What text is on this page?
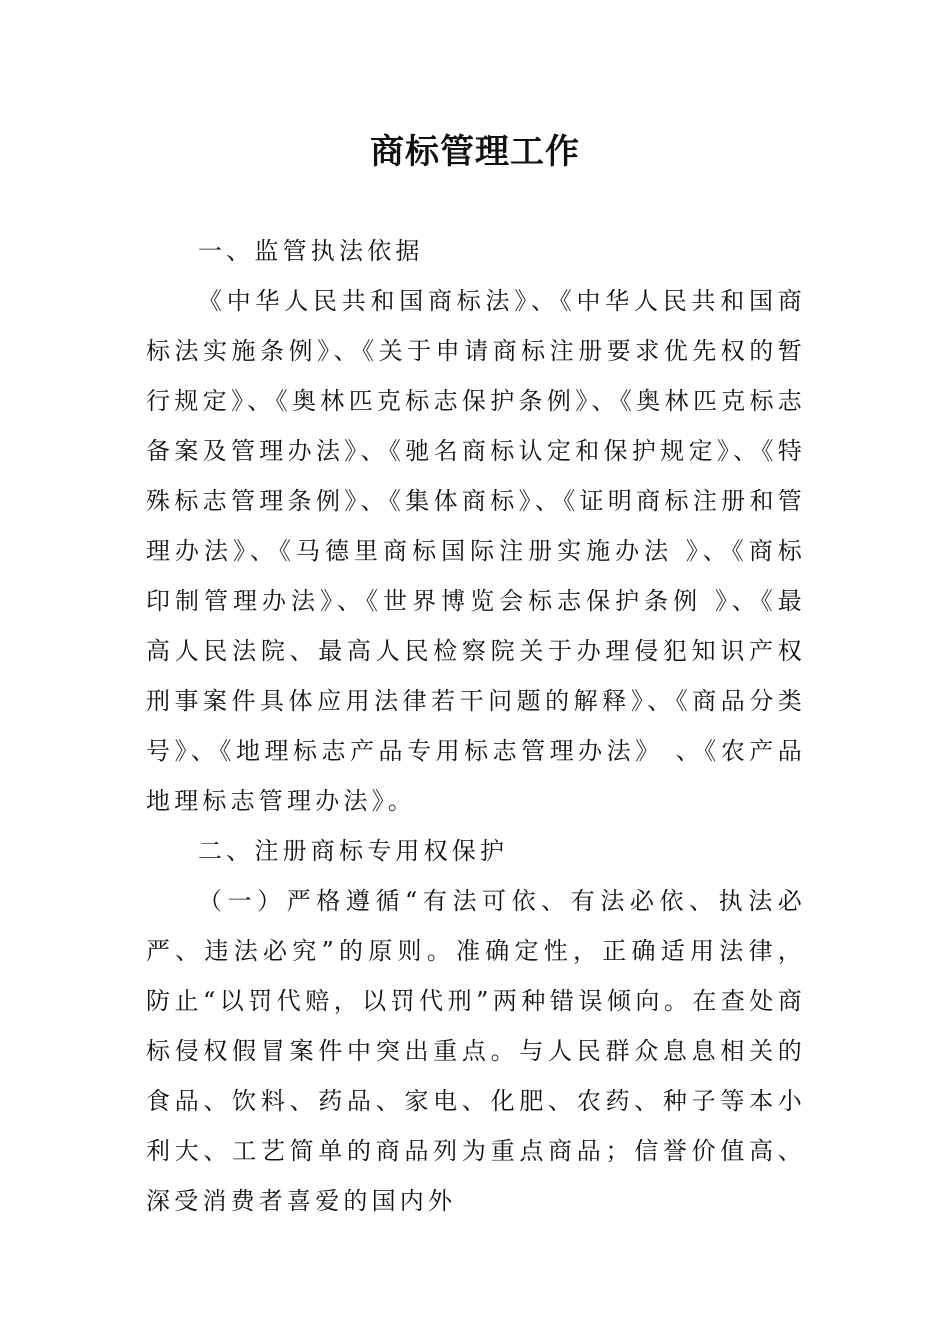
商标管理工作

一、监管执法依据

《中华人民共和国商标法》、《中华人民共和国商标法实施条例》、《关于申请商标注册要求优先权的暂行规定》、《奥林匹克标志保护条例》、《奥林匹克标志备案及管理办法》、《驰名商标认定和保护规定》、《特殊标志管理条例》、《集体商标》、《证明商标注册和管理办法》、《马德里商标国际注册实施办法 》、《商标印制管理办法》、《世界博览会标志保护条例 》、《最高人民法院、最高人民检察院关于办理侵犯知识产权刑事案件具体应用法律若干问题的解释》、《商品分类号》、《地理标志产品专用标志管理办法》 、《农产品地理标志管理办法》。

二、注册商标专用权保护

（一）严格遵循“有法可依、有法必依、执法必严、违法必究”的原则。准确定性，正确适用法律，防止“以罚代赔，以罚代刑”两种错误倾向。在查处商标侵权假冒案件中突出重点。与人民群众息息相关的食品、饮料、药品、家电、化肥、农药、种子等本小利大、工艺简单的商品列为重点商品；信誉价值高、深受消费者喜爱的国内外
